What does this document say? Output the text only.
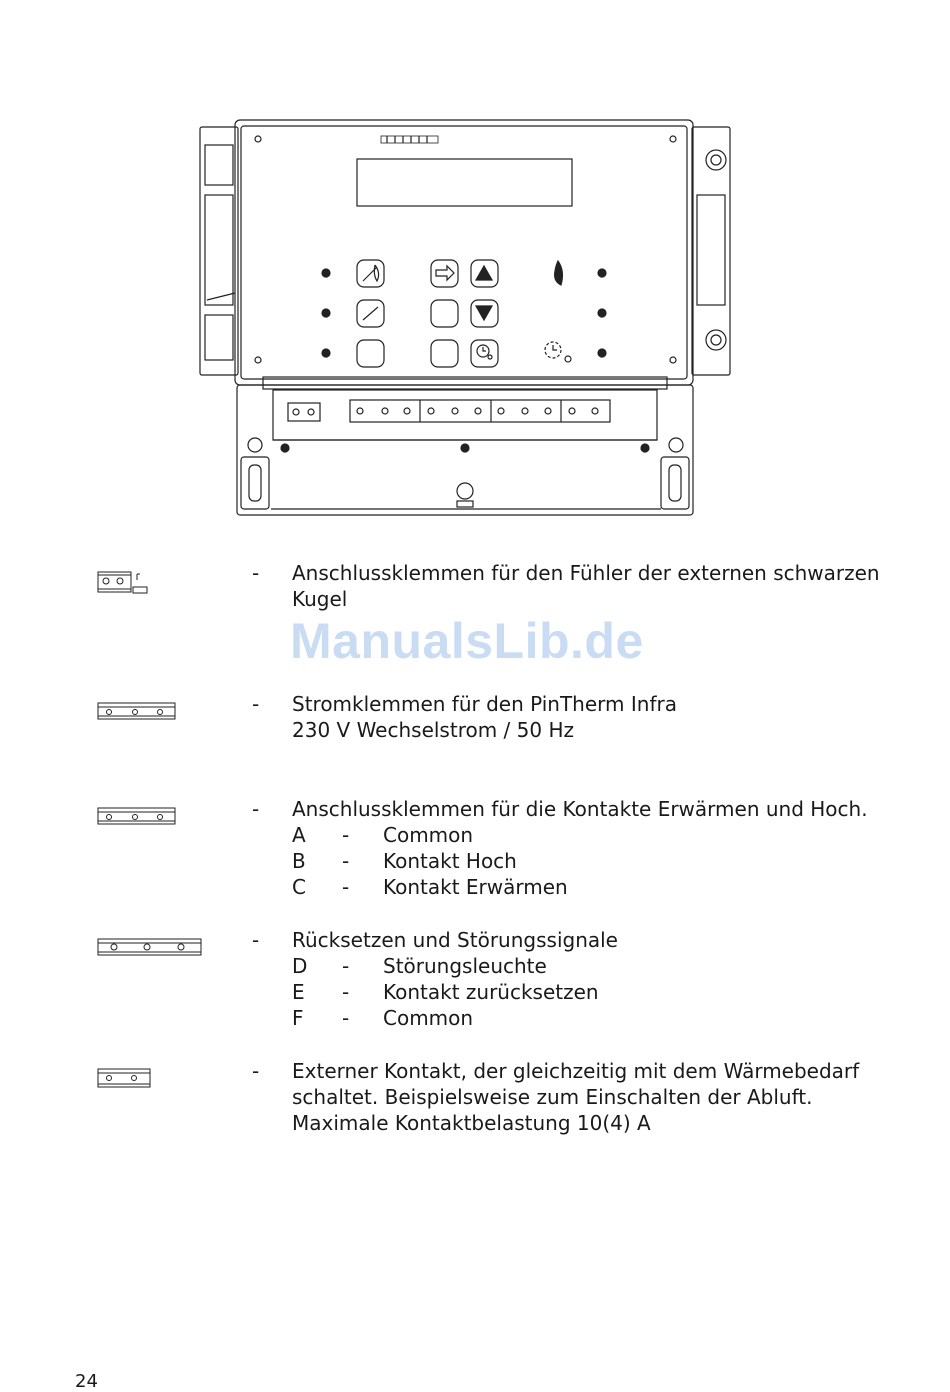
ManualsLib.de
- Anschlussklemmen für den Fühler der externen schwarzen
Kugel
- Stromklemmen für den PinTherm Infra
230 V Wechselstrom / 50 Hz
- Anschlussklemmen für die Kontakte Erwärmen und Hoch.
A - Common
B - Kontakt Hoch
C - Kontakt Erwärmen
- Rücksetzen und Störungssignale
D - Störungsleuchte
E - Kontakt zurücksetzen
F - Common
- Externer Kontakt, der gleichzeitig mit dem Wärmebedarf
schaltet. Beispielsweise zum Einschalten der Abluft.
Maximale Kontaktbelastung 10(4) A
24
